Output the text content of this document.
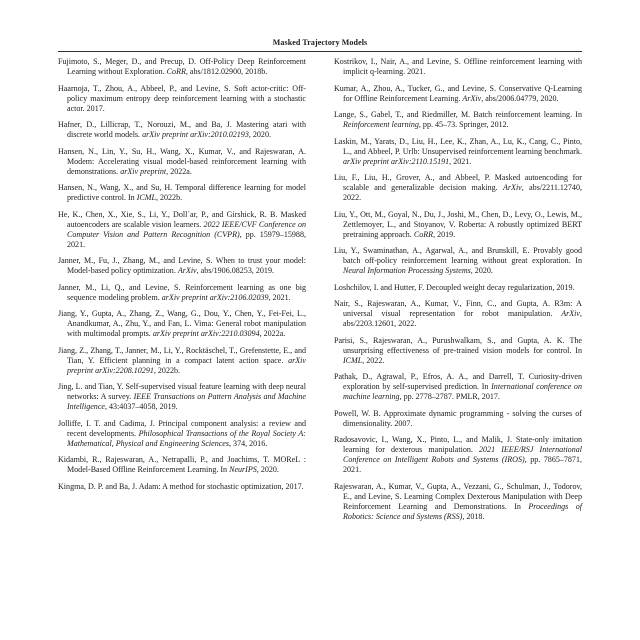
Masked Trajectory Models

Fujimoto, S., Meger, D., and Precup, D. Off-Policy Deep Reinforcement Learning without Exploration. CoRR, abs/1812.02900, 2018b.

Haarnoja, T., Zhou, A., Abbeel, P., and Levine, S. Soft actor-critic: Off-policy maximum entropy deep reinforcement learning with a stochastic actor. 2017.

Hafner, D., Lillicrap, T., Norouzi, M., and Ba, J. Mastering atari with discrete world models. arXiv preprint arXiv:2010.02193, 2020.

Hansen, N., Lin, Y., Su, H., Wang, X., Kumar, V., and Rajeswaran, A. Modem: Accelerating visual model-based reinforcement learning with demonstrations. arXiv preprint, 2022a.

Hansen, N., Wang, X., and Su, H. Temporal difference learning for model predictive control. In ICML, 2022b.

He, K., Chen, X., Xie, S., Li, Y., Doll´ar, P., and Girshick, R. B. Masked autoencoders are scalable vision learners. 2022 IEEE/CVF Conference on Computer Vision and Pattern Recognition (CVPR), pp. 15979–15988, 2021.

Janner, M., Fu, J., Zhang, M., and Levine, S. When to trust your model: Model-based policy optimization. ArXiv, abs/1906.08253, 2019.

Janner, M., Li, Q., and Levine, S. Reinforcement learning as one big sequence modeling problem. arXiv preprint arXiv:2106.02039, 2021.

Jiang, Y., Gupta, A., Zhang, Z., Wang, G., Dou, Y., Chen, Y., Fei-Fei, L., Anandkumar, A., Zhu, Y., and Fan, L. Vima: General robot manipulation with multimodal prompts. arXiv preprint arXiv:2210.03094, 2022a.

Jiang, Z., Zhang, T., Janner, M., Li, Y., Rocktäschel, T., Grefenstette, E., and Tian, Y. Efficient planning in a compact latent action space. arXiv preprint arXiv:2208.10291, 2022b.

Jing, L. and Tian, Y. Self-supervised visual feature learning with deep neural networks: A survey. IEEE Transactions on Pattern Analysis and Machine Intelligence, 43:4037–4058, 2019.

Jolliffe, I. T. and Cadima, J. Principal component analysis: a review and recent developments. Philosophical Transactions of the Royal Society A: Mathematical, Physical and Engineering Sciences, 374, 2016.

Kidambi, R., Rajeswaran, A., Netrapalli, P., and Joachims, T. MOReL : Model-Based Offline Reinforcement Learning. In NeurIPS, 2020.

Kingma, D. P. and Ba, J. Adam: A method for stochastic optimization, 2017.

Kostrikov, I., Nair, A., and Levine, S. Offline reinforcement learning with implicit q-learning. 2021.

Kumar, A., Zhou, A., Tucker, G., and Levine, S. Conservative Q-Learning for Offline Reinforcement Learning. ArXiv, abs/2006.04779, 2020.

Lange, S., Gabel, T., and Riedmiller, M. Batch reinforcement learning. In Reinforcement learning, pp. 45–73. Springer, 2012.

Laskin, M., Yarats, D., Liu, H., Lee, K., Zhan, A., Lu, K., Cang, C., Pinto, L., and Abbeel, P. Urlb: Unsupervised reinforcement learning benchmark. arXiv preprint arXiv:2110.15191, 2021.

Liu, F., Liu, H., Grover, A., and Abbeel, P. Masked autoencoding for scalable and generalizable decision making. ArXiv, abs/2211.12740, 2022.

Liu, Y., Ott, M., Goyal, N., Du, J., Joshi, M., Chen, D., Levy, O., Lewis, M., Zettlemoyer, L., and Stoyanov, V. Roberta: A robustly optimized BERT pretraining approach. CoRR, 2019.

Liu, Y., Swaminathan, A., Agarwal, A., and Brunskill, E. Provably good batch off-policy reinforcement learning without great exploration. In Neural Information Processing Systems, 2020.

Loshchilov, I. and Hutter, F. Decoupled weight decay regularization, 2019.

Nair, S., Rajeswaran, A., Kumar, V., Finn, C., and Gupta, A. R3m: A universal visual representation for robot manipulation. ArXiv, abs/2203.12601, 2022.

Parisi, S., Rajeswaran, A., Purushwalkam, S., and Gupta, A. K. The unsurprising effectiveness of pre-trained vision models for control. In ICML, 2022.

Pathak, D., Agrawal, P., Efros, A. A., and Darrell, T. Curiosity-driven exploration by self-supervised prediction. In International conference on machine learning, pp. 2778–2787. PMLR, 2017.

Powell, W. B. Approximate dynamic programming - solving the curses of dimensionality. 2007.

Radosavovic, I., Wang, X., Pinto, L., and Malik, J. State-only imitation learning for dexterous manipulation. 2021 IEEE/RSJ International Conference on Intelligent Robots and Systems (IROS), pp. 7865–7871, 2021.

Rajeswaran, A., Kumar, V., Gupta, A., Vezzani, G., Schulman, J., Todorov, E., and Levine, S. Learning Complex Dexterous Manipulation with Deep Reinforcement Learning and Demonstrations. In Proceedings of Robotics: Science and Systems (RSS), 2018.
